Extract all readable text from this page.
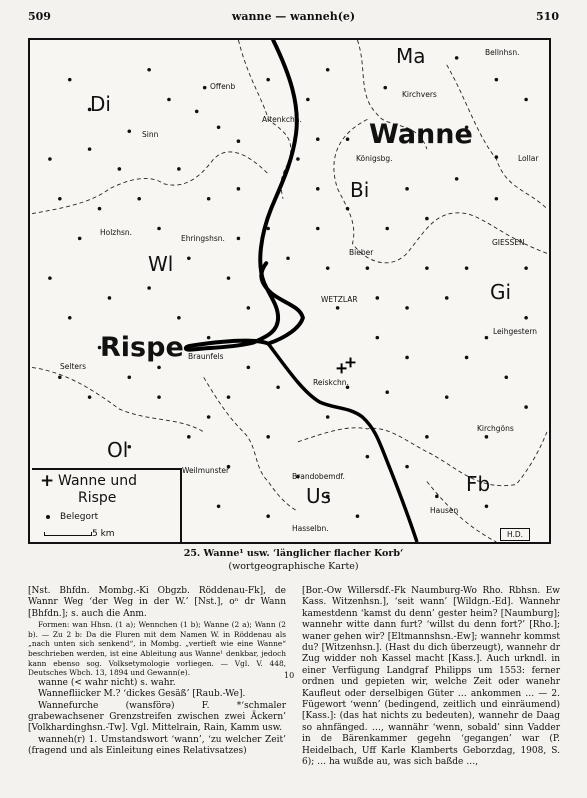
509	wanne — wanneh(e)	510
Ma
Di
Bi
Wl
Gi
Ol
Us	Fb
Wanne
Rispe
Bellnhsn.
Offenb
Kirchvers
Altenkchn.
Sinn
Königsbg.	Lollar
Holzhsn.
Ehringshsn.	GIESSEN
Bieber
WETZLAR
Leihgestern
Selters
Braunfels
Reiskchn.
Kirchgöns
Weilmunster
Brandobemdf.
Hausen
Hasselbn.
+ Wanne und
Rispe
Belegort
5 km	H.D.
25. Wanne¹ usw. ‘länglicher flacher Korb‘
(wortgeographische Karte)

[Nst. Bhfdn. Mombg.-Ki Obgzb. Röddenau-Fk], de Wannr Weg ‘der Weg in der W.’ [Nst.], oⁿ dr Wann [Bhfdn.]; s. auch die Anm.

Formen: wan Hhsn. (1 a); Wennchen (1 b); Wanne (2 a); Wann (2 b). — Zu 2 b: Da die Fluren mit dem Namen W. in Röddenau als „nach unten sich senkend“, in Mombg. „vertieft wie eine Wanne“ beschrieben werden, ist eine Ableitung aus Wanne¹ denkbar, jedoch kann ebenso sog. Volksetymologie vorliegen. — Vgl. V. 448, Deutsches Wbch. 13, 1894 und Gewann(e).

wanne (< wahr nicht) s. wahr.

Wannefliicker M.? ‘dickes Gesäß’ [Raub.-We].

Wannefurche (wansförə) F. *‘schmaler grabewachsener Grenzstreifen zwischen zwei Äckern’ [Volkhardinghsn.-Tw]. Vgl. Mittelrain, Rain, Kamm usw.

wanneh(r) 1. Umstandswort ‘wann’, ‘zu welcher Zeit’ (fragend und als Einleitung eines Relativsatzes)

10

[Bor.-Ow Willersdf.-Fk Naumburg-Wo Rho. Rbhsn. Ew Kass. Witzenhsn.], ‘seit wann’ [Wildgn.-Ed]. Wannehr kamestdenn ‘kamst du denn’ gester heim? [Naumburg]; wannehr witte dann furt? ‘willst du denn fort?’ [Rho.]; waner gehen wir? [Eltmannshsn.-Ew]; wannehr kommst du? [Witzenhsn.]. (Hast du dich überzeugt), wannehr dr Zug widder noh Kassel macht [Kass.]. Auch urkndl. in einer Verfügung Landgraf Philipps um 1553: ferner ordnen und gepieten wir, welche Zeit oder wanehr Kaufleut oder derselbigen Güter … ankommen … — 2. Fügewort ‘wenn’ (bedingend, zeitlich und einräumend) [Kass.]: (das hat nichts zu bedeuten), wannehr de Daag so ahnfänged. …, wannähr ‘wenn, sobald’ sinn Vadder in de Bärenkammer gegehn ‘gegangen’ war (P. Heidelbach, Uff Karle Klamberts Geborzdag, 1908, S. 6); … ha wußde au, was sich baßde …,
